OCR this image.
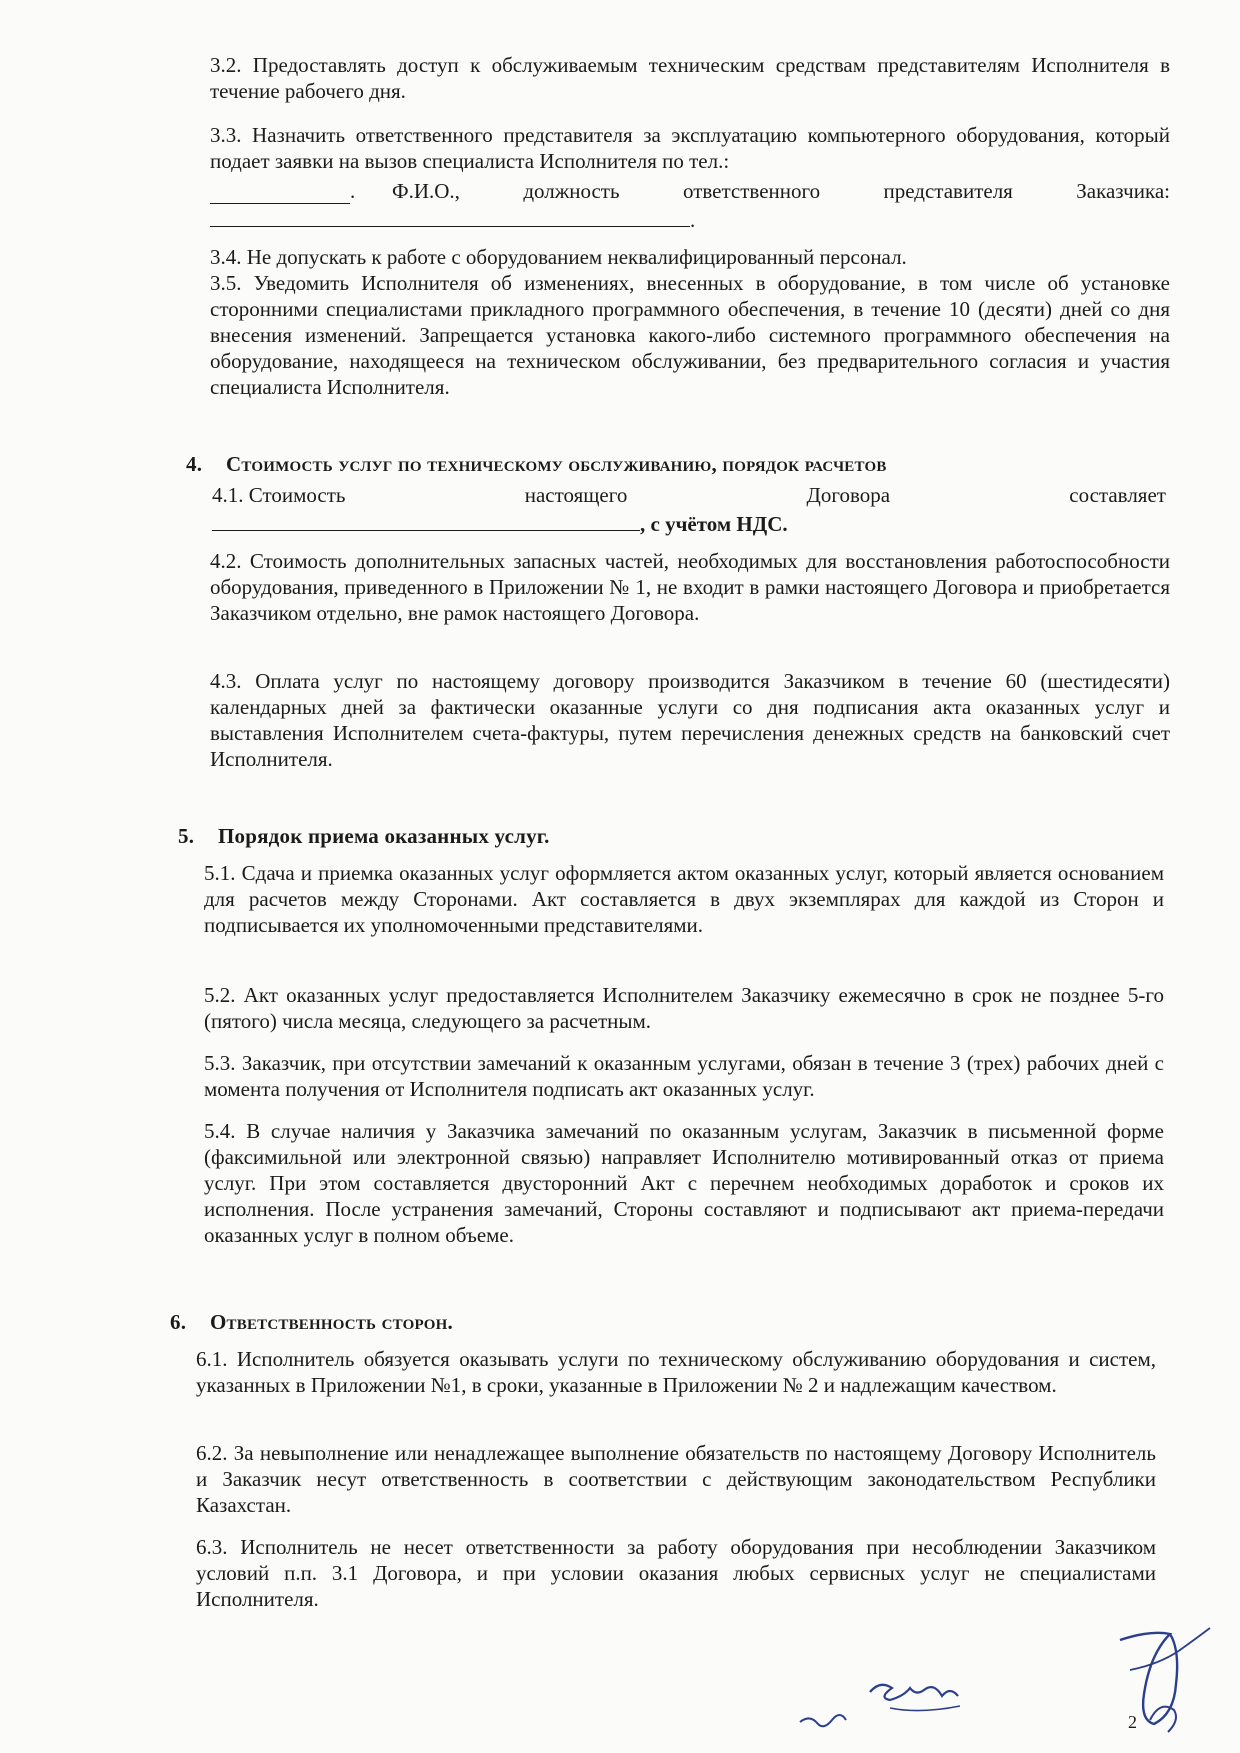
3.2. Предоставлять доступ к обслуживаемым техническим средствам представителям Исполнителя в течение рабочего дня.

3.3. Назначить ответственного представителя за эксплуатацию компьютерного оборудования, который подает заявки на вызов специалиста Исполнителя по тел.:

.	Ф.И.О., должность ответственного представителя Заказчика:
.

3.4. Не допускать к работе с оборудованием неквалифицированный персонал.

3.5. Уведомить Исполнителя об изменениях, внесенных в оборудование, в том числе об установке сторонними специалистами прикладного программного обеспечения, в течение 10 (десяти) дней со дня внесения изменений. Запрещается установка какого-либо системного программного обеспечения на оборудование, находящееся на техническом обслуживании, без предварительного согласия и участия специалиста Исполнителя.

4. Стоимость услуг по техническому обслуживанию, порядок расчетов
4.1. Стоимость	настоящего	Договора	составляет
, с учётом НДС.

4.2. Стоимость дополнительных запасных частей, необходимых для восстановления работоспособности оборудования, приведенного в Приложении № 1, не входит в рамки настоящего Договора и приобретается Заказчиком отдельно, вне рамок настоящего Договора.

4.3. Оплата услуг по настоящему договору производится Заказчиком в течение 60 (шестидесяти) календарных дней за фактически оказанные услуги со дня подписания акта оказанных услуг и выставления Исполнителем счета-фактуры, путем перечисления денежных средств на банковский счет Исполнителя.

5. Порядок приема оказанных услуг.

5.1. Сдача и приемка оказанных услуг оформляется актом оказанных услуг, который является основанием для расчетов между Сторонами. Акт составляется в двух экземплярах для каждой из Сторон и подписывается их уполномоченными представителями.

5.2. Акт оказанных услуг предоставляется Исполнителем Заказчику ежемесячно в срок не позднее 5-го (пятого) числа месяца, следующего за расчетным.

5.3. Заказчик, при отсутствии замечаний к оказанным услугами, обязан в течение 3 (трех) рабочих дней с момента получения от Исполнителя подписать акт оказанных услуг.

5.4. В случае наличия у Заказчика замечаний по оказанным услугам, Заказчик в письменной форме (факсимильной или электронной связью) направляет Исполнителю мотивированный отказ от приема услуг. При этом составляется двусторонний Акт с перечнем необходимых доработок и сроков их исполнения. После устранения замечаний, Стороны составляют и подписывают акт приема-передачи оказанных услуг в полном объеме.

6. Ответственность сторон.

6.1. Исполнитель обязуется оказывать услуги по техническому обслуживанию оборудования и систем, указанных в Приложении №1, в сроки, указанные в Приложении № 2 и надлежащим качеством.

6.2. За невыполнение или ненадлежащее выполнение обязательств по настоящему Договору Исполнитель и Заказчик несут ответственность в соответствии с действующим законодательством Республики Казахстан.

6.3. Исполнитель не несет ответственности за работу оборудования при несоблюдении Заказчиком условий п.п. 3.1 Договора, и при условии оказания любых сервисных услуг не специалистами Исполнителя.

2
